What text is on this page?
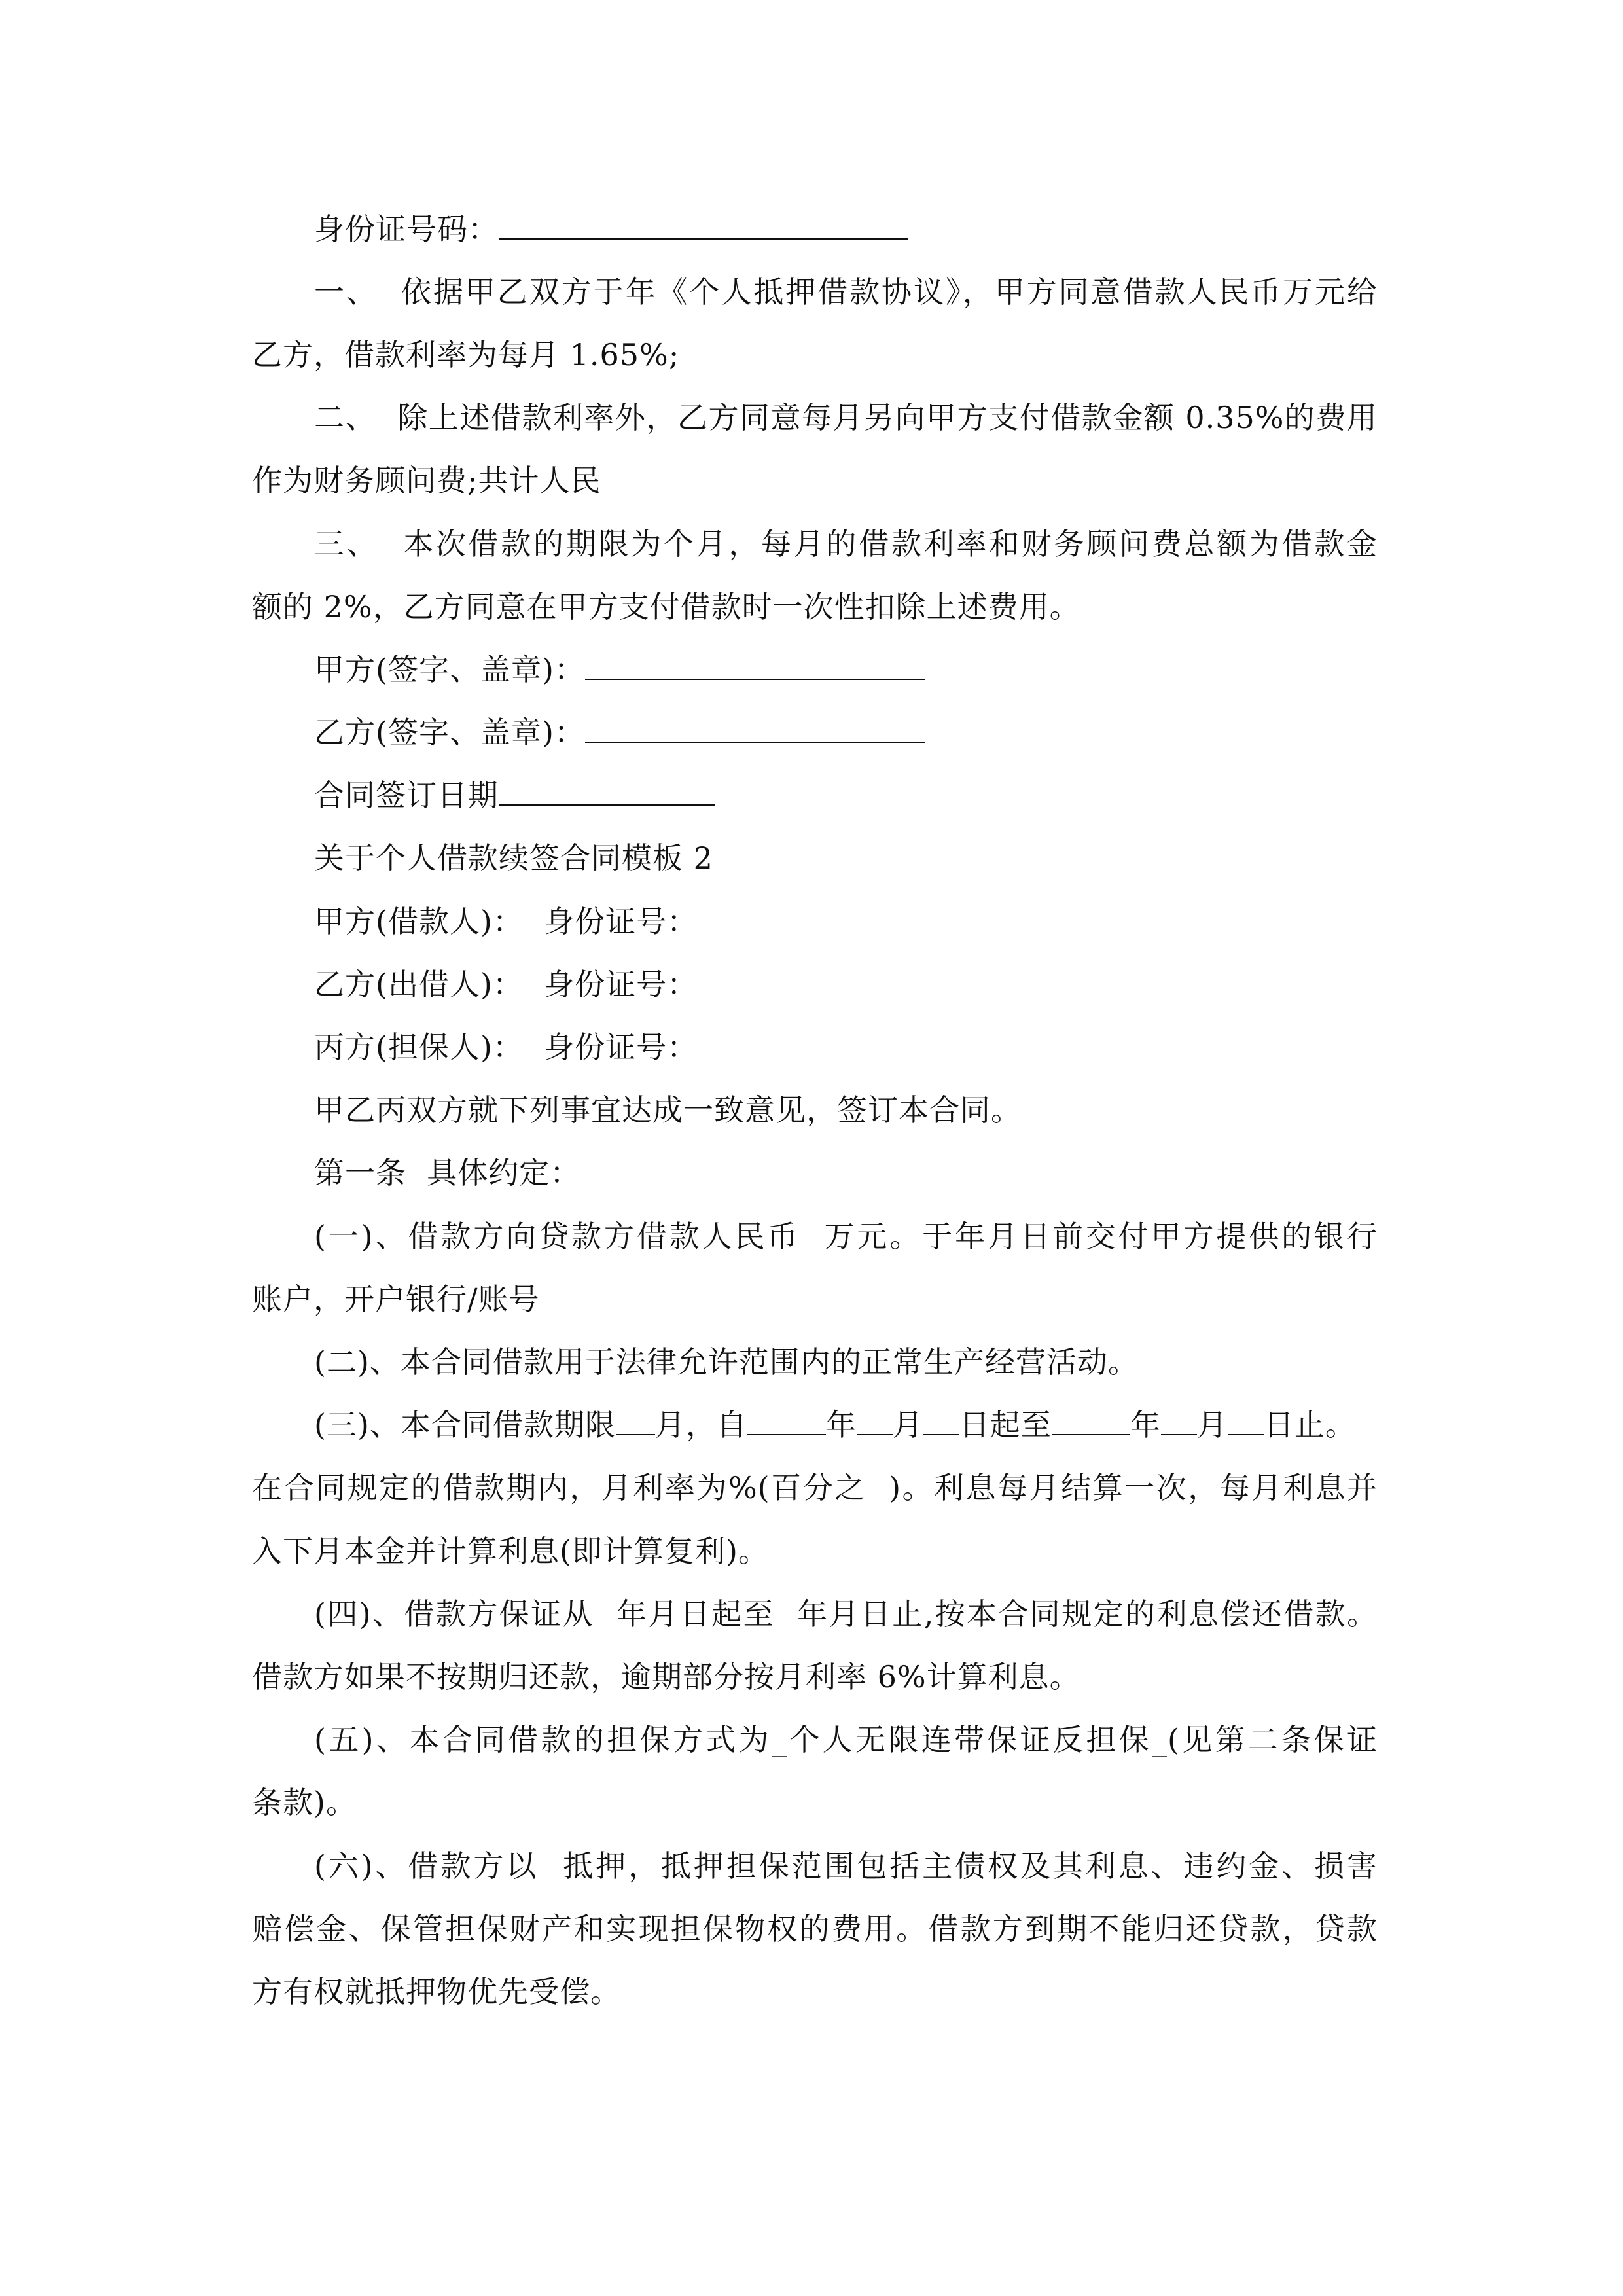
身份证号码：
一、  依据甲乙双方于年《个人抵押借款协议》，甲方同意借款人民币万元给
乙方，借款利率为每月 1.65%;
二、  除上述借款利率外，乙方同意每月另向甲方支付借款金额 0.35%的费用
作为财务顾问费;共计人民
三、  本次借款的期限为个月，每月的借款利率和财务顾问费总额为借款金
额的 2%，乙方同意在甲方支付借款时一次性扣除上述费用。
甲方(签字、盖章)：
乙方(签字、盖章)：
合同签订日期
关于个人借款续签合同模板 2
甲方(借款人)：  身份证号：
乙方(出借人)：  身份证号：
丙方(担保人)：  身份证号：
甲乙丙双方就下列事宜达成一致意见，签订本合同。
第一条  具体约定：
(一)、借款方向贷款方借款人民币  万元。于年月日前交付甲方提供的银行
账户，开户银行/账号
(二)、本合同借款用于法律允许范围内的正常生产经营活动。
(三)、本合同借款期限 月，自	年 月 日起至	年 月 日止。
在合同规定的借款期内，月利率为%(百分之  )。利息每月结算一次，每月利息并
入下月本金并计算利息(即计算复利)。
(四)、借款方保证从  年月日起至  年月日止,按本合同规定的利息偿还借款。
借款方如果不按期归还款，逾期部分按月利率 6%计算利息。
(五)、本合同借款的担保方式为_个人无限连带保证反担保_(见第二条保证
条款)。
(六)、借款方以  抵押，抵押担保范围包括主债权及其利息、违约金、损害
赔偿金、保管担保财产和实现担保物权的费用。借款方到期不能归还贷款，贷款
方有权就抵押物优先受偿。
